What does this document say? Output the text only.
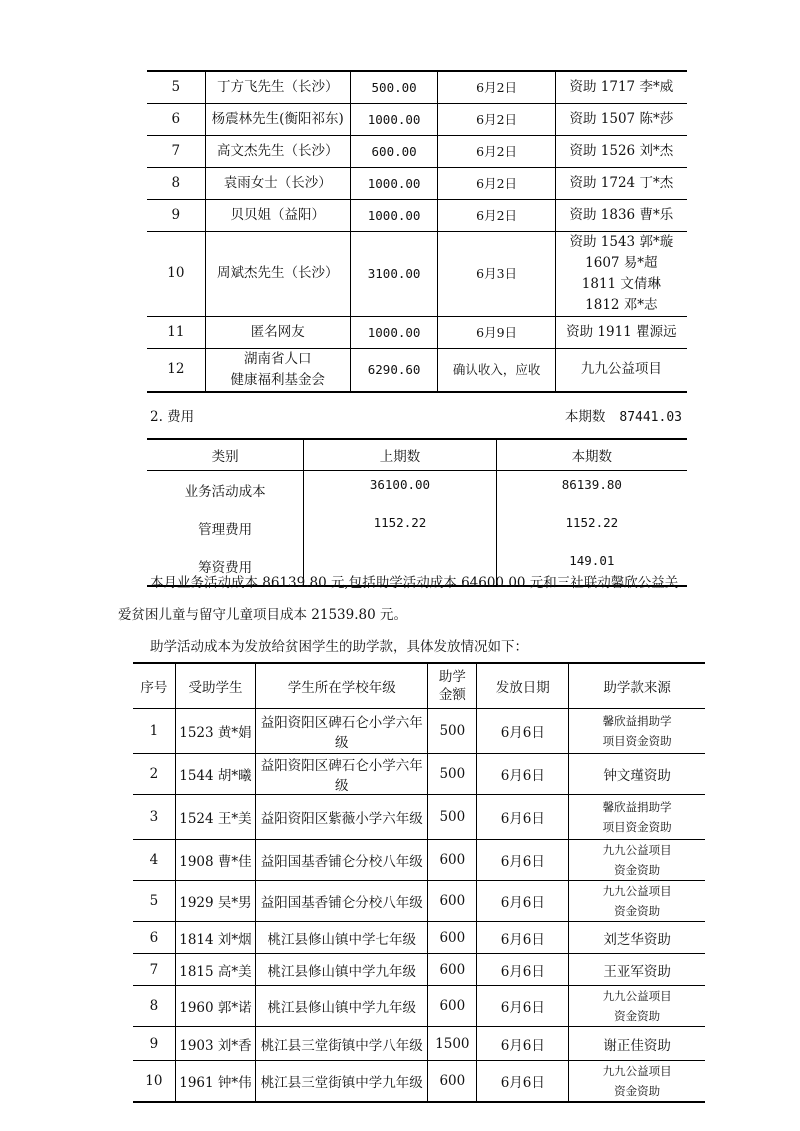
5	丁方飞先生（长沙）	500.00	6月2日	资助 1717 李*威

6	杨震林先生(衡阳祁东)	1000.00	6月2日	资助 1507 陈*莎

7	高文杰先生（长沙）	600.00	6月2日	资助 1526 刘*杰

8	袁雨女士（长沙）	1000.00	6月2日	资助 1724 丁*杰

9	贝贝姐（益阳）	1000.00	6月2日	资助 1836 曹*乐

10	周斌杰先生（长沙）	3100.00	6月3日	资助 1543 郭*璇
1607 易*超
1811 文倩琳
1812 邓*志

11	匿名网友	1000.00	6月9日	资助 1911 瞿源远

12	湖南省人口
健康福利基金会	6290.60	确认收入，应收	九九公益项目
2. 费用	本期数 87441.03
类别	上期数	本期数
业务活动成本	36100.00	86139.80
管理费用	1152.22	1152.22
筹资费用		149.01
本月业务活动成本 86139.80 元,包括助学活动成本 64600.00 元和三社联动馨欣公益关
爱贫困儿童与留守儿童项目成本 21539.80 元。
助学活动成本为发放给贫困学生的助学款，具体发放情况如下：
序号	受助学生	学生所在学校年级	助学
金额	发放日期	助学款来源
1	1523 黄*娟	益阳资阳区碑石仑小学六年级	500	6月6日	馨欣益捐助学
项目资金资助

2	1544 胡*曦	益阳资阳区碑石仑小学六年级	500	6月6日	钟文瑾资助

3	1524 王*美	益阳资阳区紫薇小学六年级	500	6月6日	馨欣益捐助学
项目资金资助

4	1908 曹*佳	益阳国基香铺仑分校八年级	600	6月6日	九九公益项目
资金资助

5	1929 吴*男	益阳国基香铺仑分校八年级	600	6月6日	九九公益项目
资金资助

6	1814 刘*烟	桃江县修山镇中学七年级	600	6月6日	刘芝华资助

7	1815 高*美	桃江县修山镇中学九年级	600	6月6日	王亚军资助

8	1960 郭*诺	桃江县修山镇中学九年级	600	6月6日	九九公益项目
资金资助

9	1903 刘*香	桃江县三堂街镇中学八年级	1500	6月6日	谢正佳资助

10	1961 钟*伟	桃江县三堂街镇中学九年级	600	6月6日	九九公益项目
资金资助
